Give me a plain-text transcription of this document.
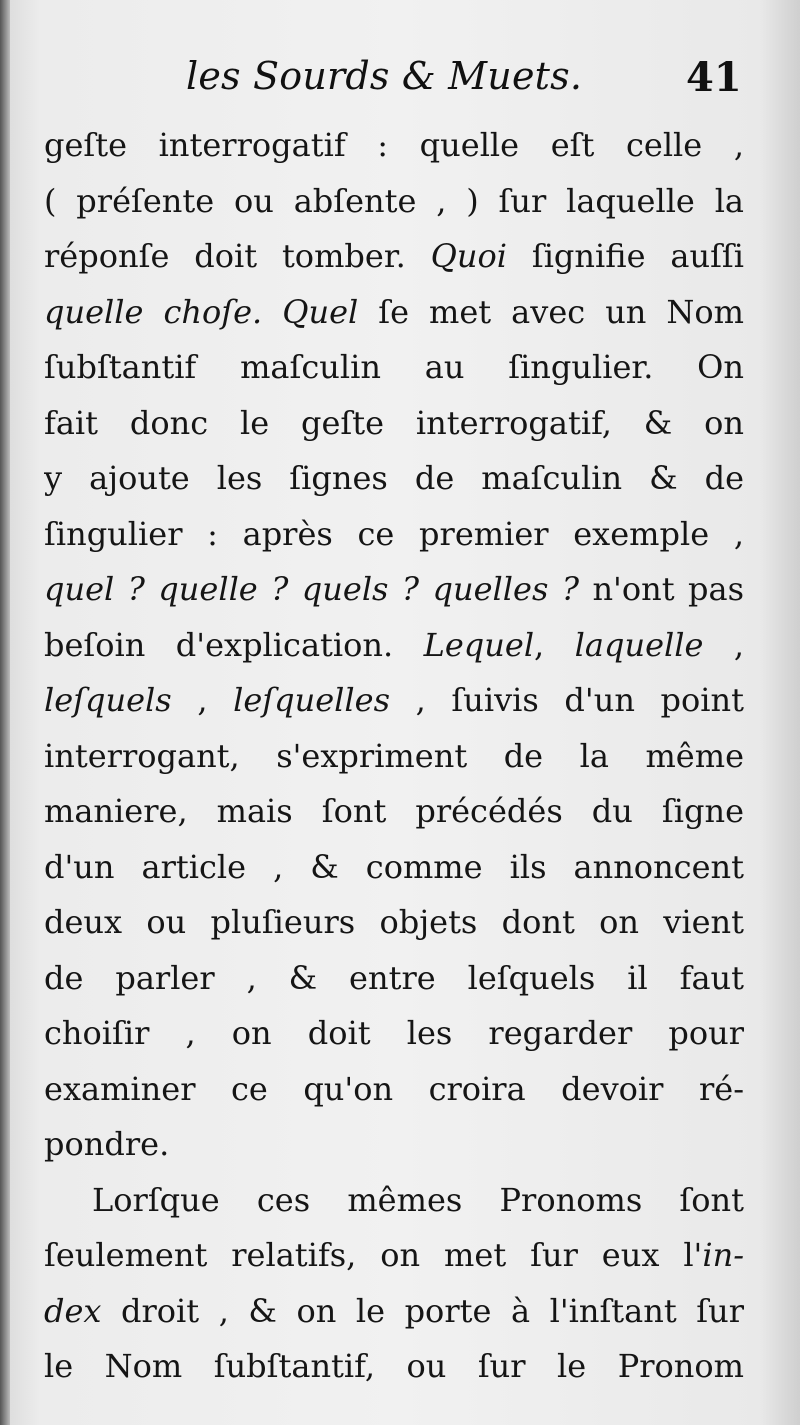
les Sourds & Muets.	41
geſte interrogatif : quelle eſt celle ,
( préſente ou abſente , ) ſur laquelle la
réponſe doit tomber. Quoi ſignifie auſſi
quelle choſe. Quel ſe met avec un Nom
ſubſtantif maſculin au ſingulier. On
fait donc le geſte interrogatif, & on
y ajoute les ſignes de maſculin & de
ſingulier : après ce premier exemple ,
quel ? quelle ? quels ? quelles ? n'ont pas
beſoin d'explication. Lequel, laquelle ,
leſquels , leſquelles , ſuivis d'un point
interrogant, s'expriment de la même
maniere, mais ſont précédés du ſigne
d'un article , & comme ils annoncent
deux ou pluſieurs objets dont on vient
de parler , & entre leſquels il faut
choiſir , on doit les regarder pour
examiner ce qu'on croira devoir ré-
pondre.
Lorſque ces mêmes Pronoms ſont
ſeulement relatifs, on met ſur eux l'in-
dex droit , & on le porte à l'inſtant ſur
le Nom ſubſtantif, ou ſur le Pronom
